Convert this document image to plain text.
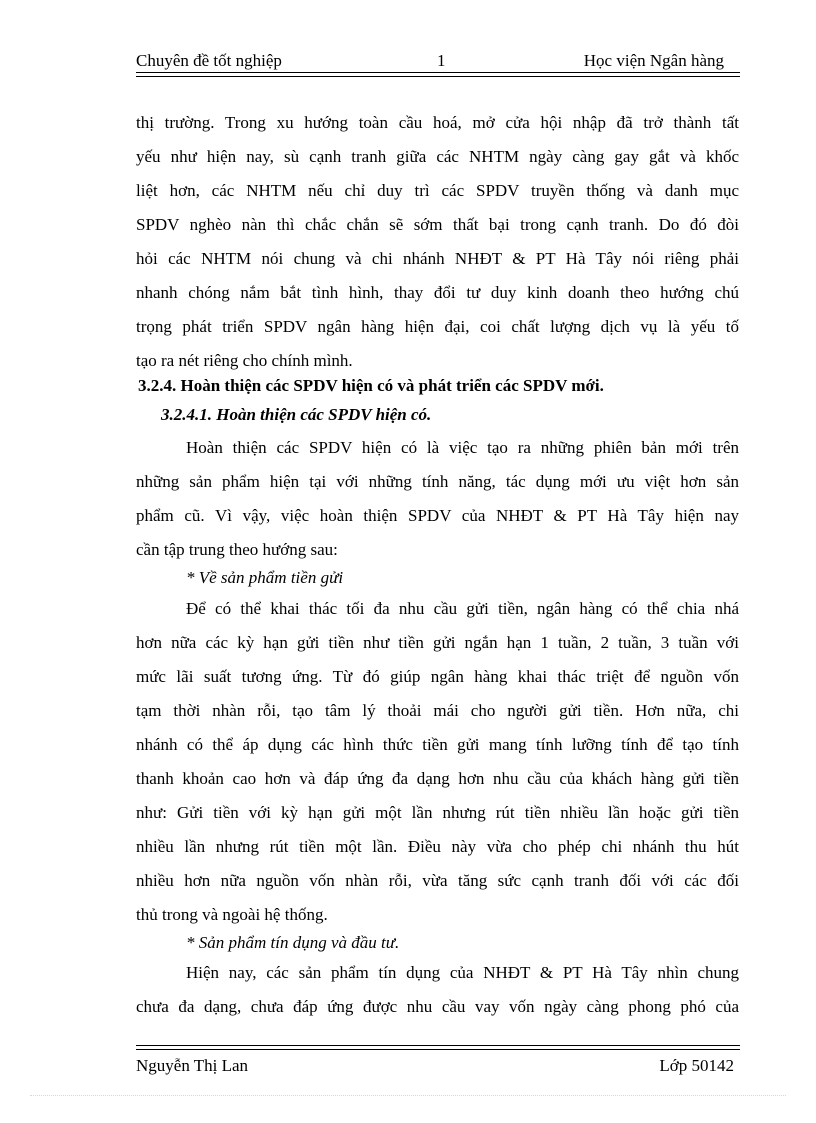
Chuyên đề tốt nghiệp	1	Học viện Ngân hàng
thị trường. Trong xu hướng toàn cầu hoá, mở cửa hội nhập đã trở thành tất
yếu như hiện nay, sù cạnh tranh giữa các NHTM ngày càng gay gắt và khốc
liệt hơn, các NHTM nếu chỉ duy trì các SPDV truyền thống và danh mục
SPDV nghèo nàn thì chắc chắn sẽ sớm thất bại trong cạnh tranh. Do đó đòi
hỏi các NHTM nói chung và chi nhánh NHĐT & PT Hà Tây nói riêng phải
nhanh chóng nắm bắt tình hình, thay đổi tư duy kinh doanh theo hướng chú
trọng phát triển SPDV ngân hàng hiện đại, coi chất lượng dịch vụ là yếu tố
tạo ra nét riêng cho chính mình.
3.2.4. Hoàn thiện các SPDV hiện có và phát triển các SPDV mới.
3.2.4.1. Hoàn thiện các SPDV hiện có.
Hoàn thiện các SPDV hiện có là việc tạo ra những phiên bản mới trên
những sản phẩm hiện tại với những tính năng, tác dụng mới ưu việt hơn sản
phẩm cũ. Vì vậy, việc hoàn thiện SPDV của NHĐT & PT Hà Tây hiện nay
cần tập trung theo hướng sau:
* Về sản phẩm tiền gửi
Để có thể khai thác tối đa nhu cầu gửi tiền, ngân hàng có thể chia nhá
hơn nữa các kỳ hạn gửi tiền như tiền gửi ngắn hạn 1 tuần, 2 tuần, 3 tuần với
mức lãi suất tương ứng. Từ đó giúp ngân hàng khai thác triệt để nguồn vốn
tạm thời nhàn rỗi, tạo tâm lý thoải mái cho người gửi tiền. Hơn nữa, chi
nhánh có thể áp dụng các hình thức tiền gửi mang tính lưỡng tính để tạo tính
thanh khoản cao hơn và đáp ứng đa dạng hơn nhu cầu của khách hàng gửi tiền
như: Gửi tiền với kỳ hạn gửi một lần nhưng rút tiền nhiều lần hoặc gửi tiền
nhiều lần nhưng rút tiền một lần. Điều này vừa cho phép chi nhánh thu hút
nhiều hơn nữa nguồn vốn nhàn rỗi, vừa tăng sức cạnh tranh đối với các đối
thủ trong và ngoài hệ thống.
* Sản phẩm tín dụng và đầu tư.
Hiện nay, các sản phẩm tín dụng của NHĐT & PT Hà Tây nhìn chung
chưa đa dạng, chưa đáp ứng được nhu cầu vay vốn ngày càng phong phó của
Nguyễn Thị Lan	Lớp 50142
